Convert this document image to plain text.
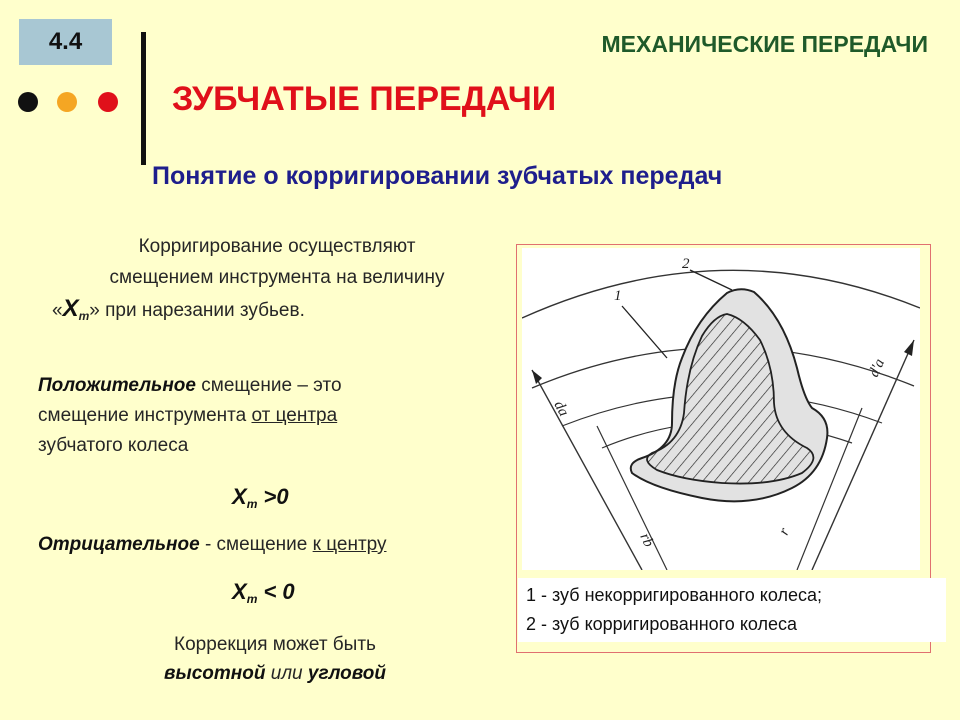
4.4	МЕХАНИЧЕСКИЕ ПЕРЕДАЧИ
ЗУБЧАТЫЕ ПЕРЕДАЧИ
Понятие о корригировании зубчатых передач
Корригирование осуществляют
смещением инструмента на величину
«$X_m$» при нарезании зубьев.
Положительное смещение – это
смещение инструмента от центра
зубчатого колеса
$X_m >0$
Отрицательное - смещение к центру
$X_m < 0$
Коррекция может быть
высотной или угловой
1
2
da
d'a
rb	r
1 - зуб некорригированного колеса;
2 - зуб корригированного колеса
